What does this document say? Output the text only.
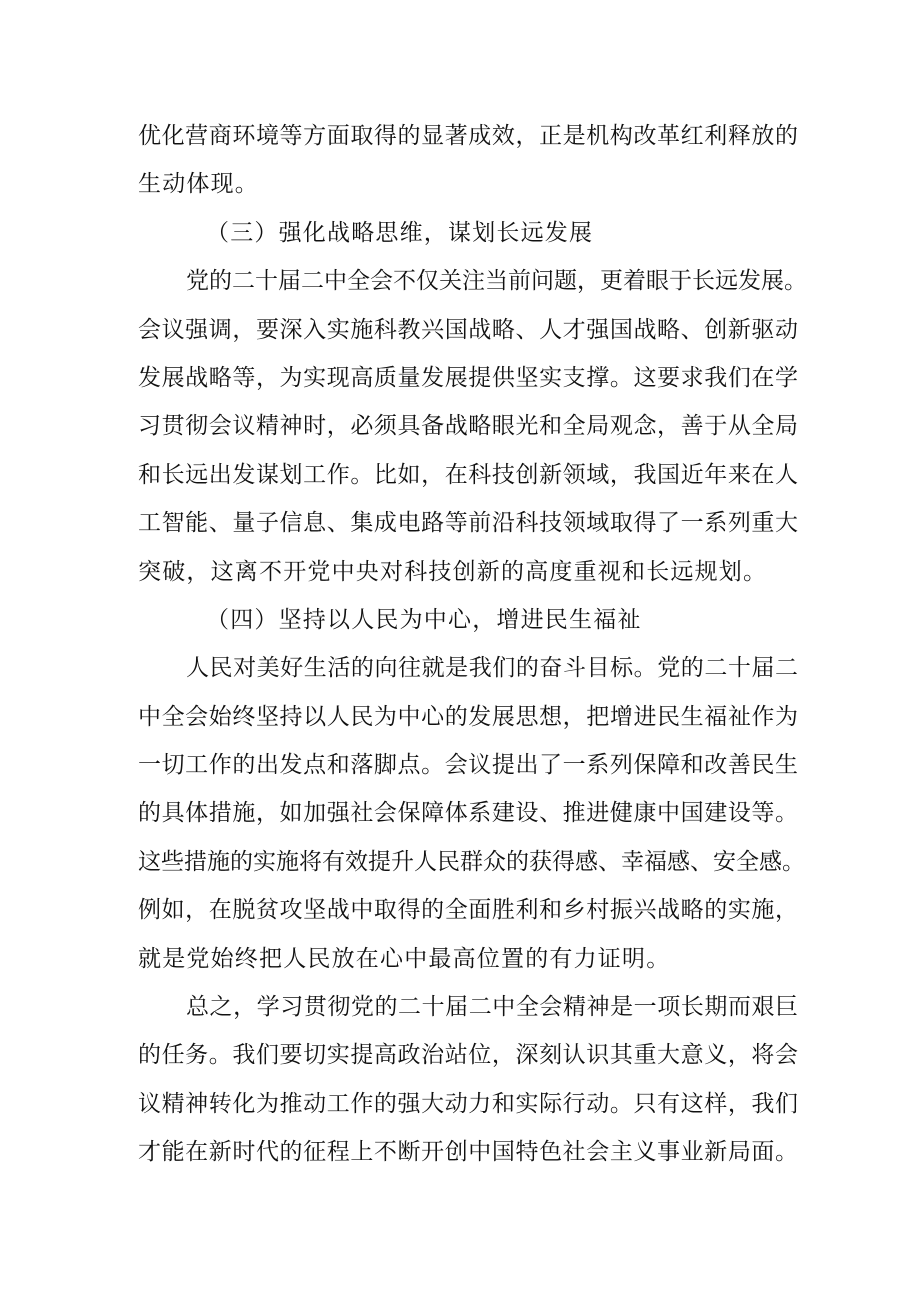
优化营商环境等方面取得的显著成效，正是机构改革红利释放的
生动体现。
（三）强化战略思维，谋划长远发展
党的二十届二中全会不仅关注当前问题，更着眼于长远发展。
会议强调，要深入实施科教兴国战略、人才强国战略、创新驱动
发展战略等，为实现高质量发展提供坚实支撑。这要求我们在学
习贯彻会议精神时，必须具备战略眼光和全局观念，善于从全局
和长远出发谋划工作。比如，在科技创新领域，我国近年来在人
工智能、量子信息、集成电路等前沿科技领域取得了一系列重大
突破，这离不开党中央对科技创新的高度重视和长远规划。
（四）坚持以人民为中心，增进民生福祉
人民对美好生活的向往就是我们的奋斗目标。党的二十届二
中全会始终坚持以人民为中心的发展思想，把增进民生福祉作为
一切工作的出发点和落脚点。会议提出了一系列保障和改善民生
的具体措施，如加强社会保障体系建设、推进健康中国建设等。
这些措施的实施将有效提升人民群众的获得感、幸福感、安全感。
例如，在脱贫攻坚战中取得的全面胜利和乡村振兴战略的实施，
就是党始终把人民放在心中最高位置的有力证明。
总之，学习贯彻党的二十届二中全会精神是一项长期而艰巨
的任务。我们要切实提高政治站位，深刻认识其重大意义，将会
议精神转化为推动工作的强大动力和实际行动。只有这样，我们
才能在新时代的征程上不断开创中国特色社会主义事业新局面。
